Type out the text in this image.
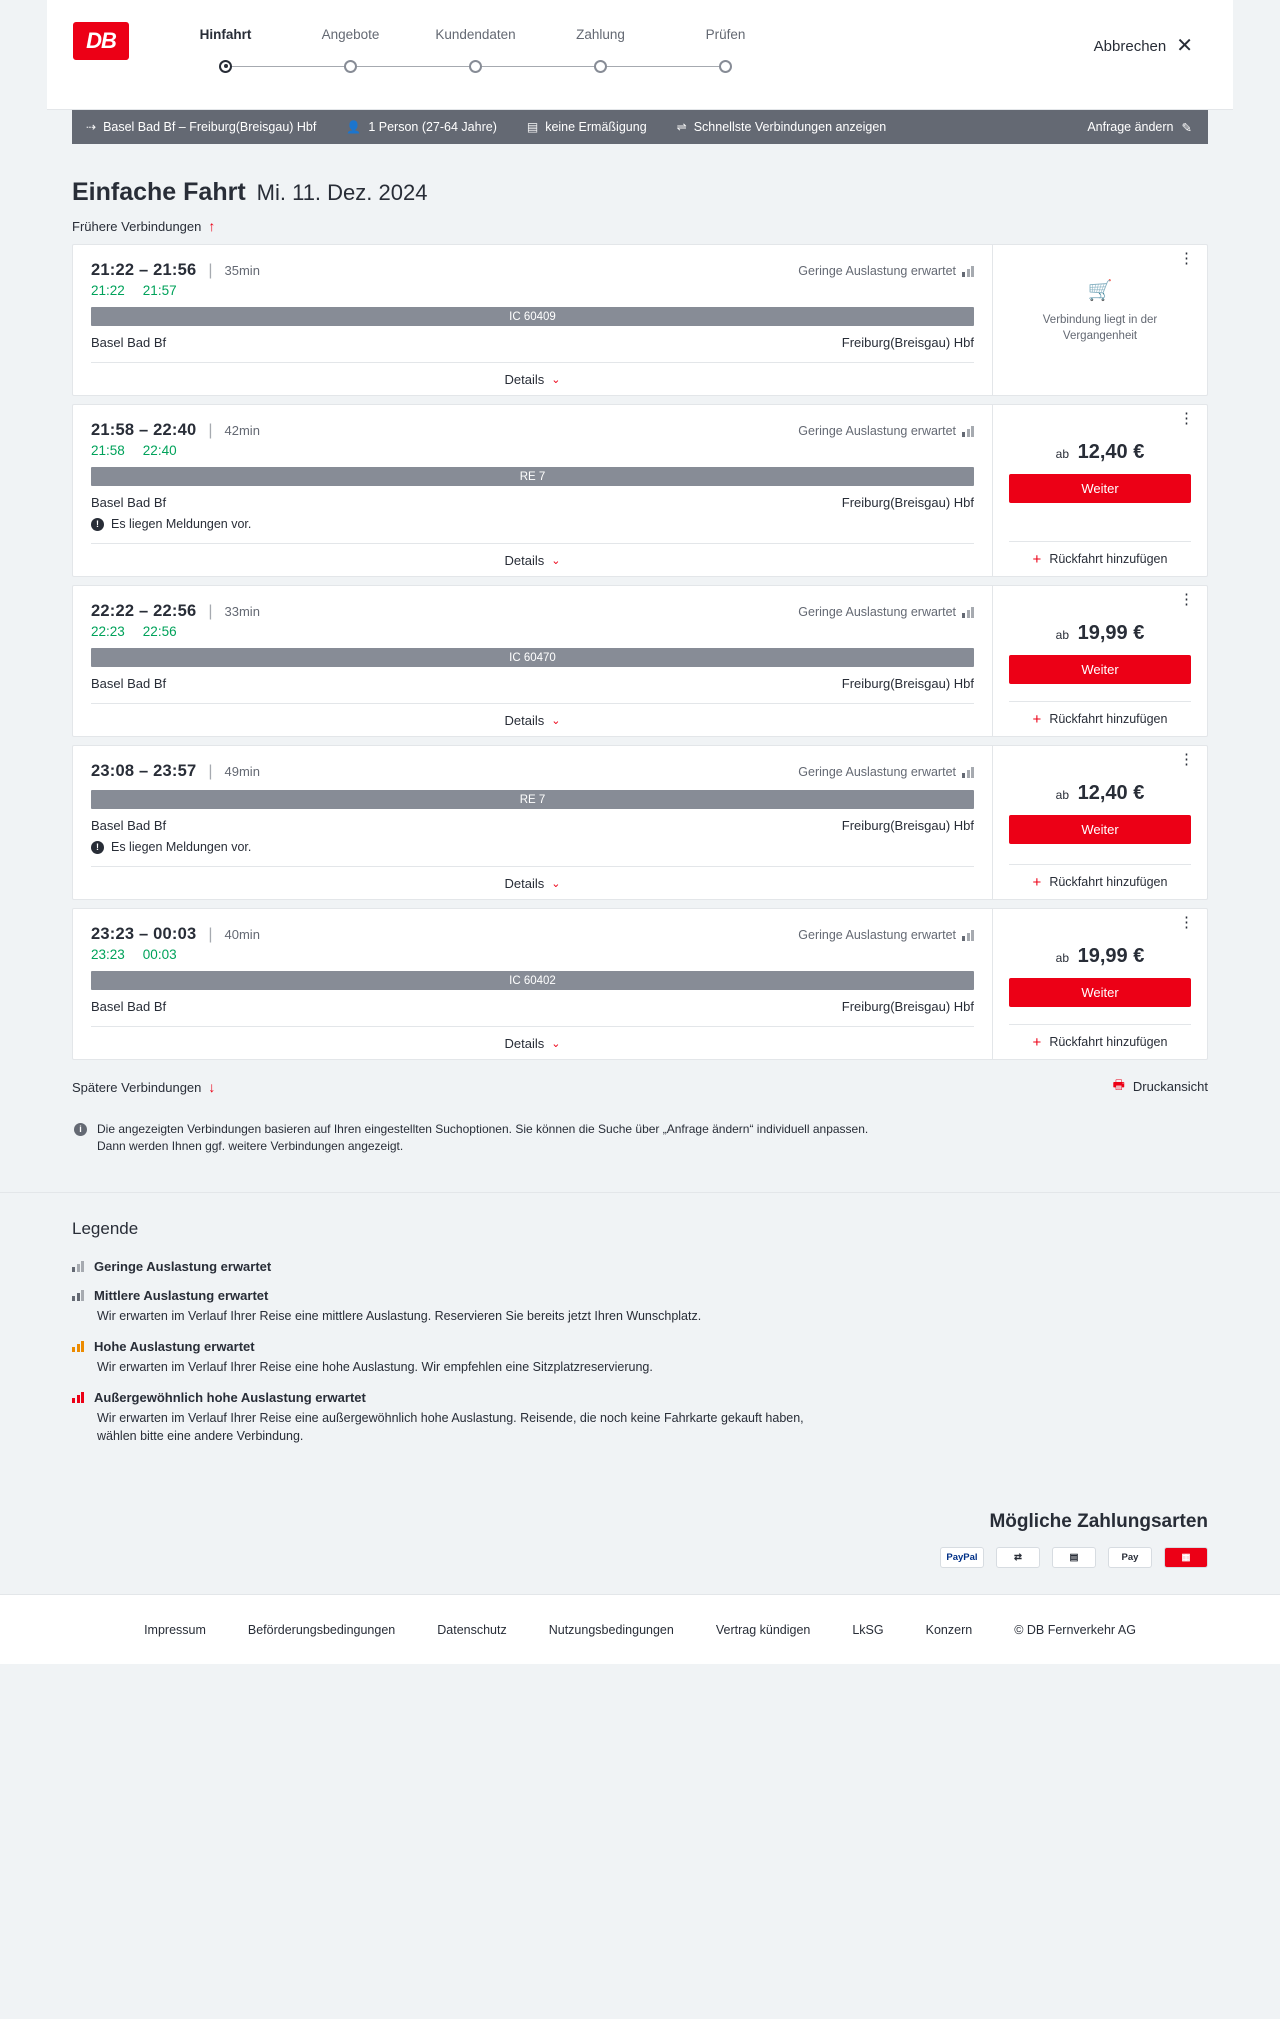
DB	Hinfahrt	Angebote	Kundendaten	Zahlung	Prüfen
Abbrechen ✕
⇢ Basel Bad Bf – Freiburg(Breisgau) Hbf	👤 1 Person (27-64 Jahre)	▤ keine Ermäßigung	⇌ Schnellste Verbindungen anzeigen	Anfrage ändern ✎
Einfache Fahrt Mi. 11. Dez. 2024
Frühere Verbindungen ↑
21:22 – 21:56 | 35min	Geringe Auslastung erwartet
21:22 21:57
IC 60409
Basel Bad Bf	Freiburg(Breisgau) Hbf
Details ⌄
⋮
🛒
Verbindung liegt in der Vergangenheit
21:58 – 22:40 | 42min	Geringe Auslastung erwartet
21:58 22:40
RE 7
Basel Bad Bf	Freiburg(Breisgau) Hbf
! Es liegen Meldungen vor.
Details ⌄
⋮
ab 12,40 €
Weiter
+ Rückfahrt hinzufügen
22:22 – 22:56 | 33min	Geringe Auslastung erwartet
22:23 22:56
IC 60470
Basel Bad Bf	Freiburg(Breisgau) Hbf
Details ⌄
⋮
ab 19,99 €
Weiter
+ Rückfahrt hinzufügen
23:08 – 23:57 | 49min	Geringe Auslastung erwartet
RE 7
Basel Bad Bf	Freiburg(Breisgau) Hbf
! Es liegen Meldungen vor.
Details ⌄
⋮
ab 12,40 €
Weiter
+ Rückfahrt hinzufügen
23:23 – 00:03 | 40min	Geringe Auslastung erwartet
23:23 00:03
IC 60402
Basel Bad Bf	Freiburg(Breisgau) Hbf
Details ⌄
⋮
ab 19,99 €
Weiter
+ Rückfahrt hinzufügen
Spätere Verbindungen ↓	🖶 Druckansicht
i	Die angezeigten Verbindungen basieren auf Ihren eingestellten Suchoptionen. Sie können die Suche über „Anfrage ändern“ individuell anpassen. Dann werden Ihnen ggf. weitere Verbindungen angezeigt.
Legende
Geringe Auslastung erwartet
Mittlere Auslastung erwartet
Wir erwarten im Verlauf Ihrer Reise eine mittlere Auslastung. Reservieren Sie bereits jetzt Ihren Wunschplatz.
Hohe Auslastung erwartet
Wir erwarten im Verlauf Ihrer Reise eine hohe Auslastung. Wir empfehlen eine Sitzplatzreservierung.
Außergewöhnlich hohe Auslastung erwartet
Wir erwarten im Verlauf Ihrer Reise eine außergewöhnlich hohe Auslastung. Reisende, die noch keine Fahrkarte gekauft haben, wählen bitte eine andere Verbindung.
Mögliche Zahlungsarten
PayPal	⇄	▤	Pay	▦
Impressum	Beförderungsbedingungen	Datenschutz	Nutzungsbedingungen	Vertrag kündigen	LkSG	Konzern	© DB Fernverkehr AG
